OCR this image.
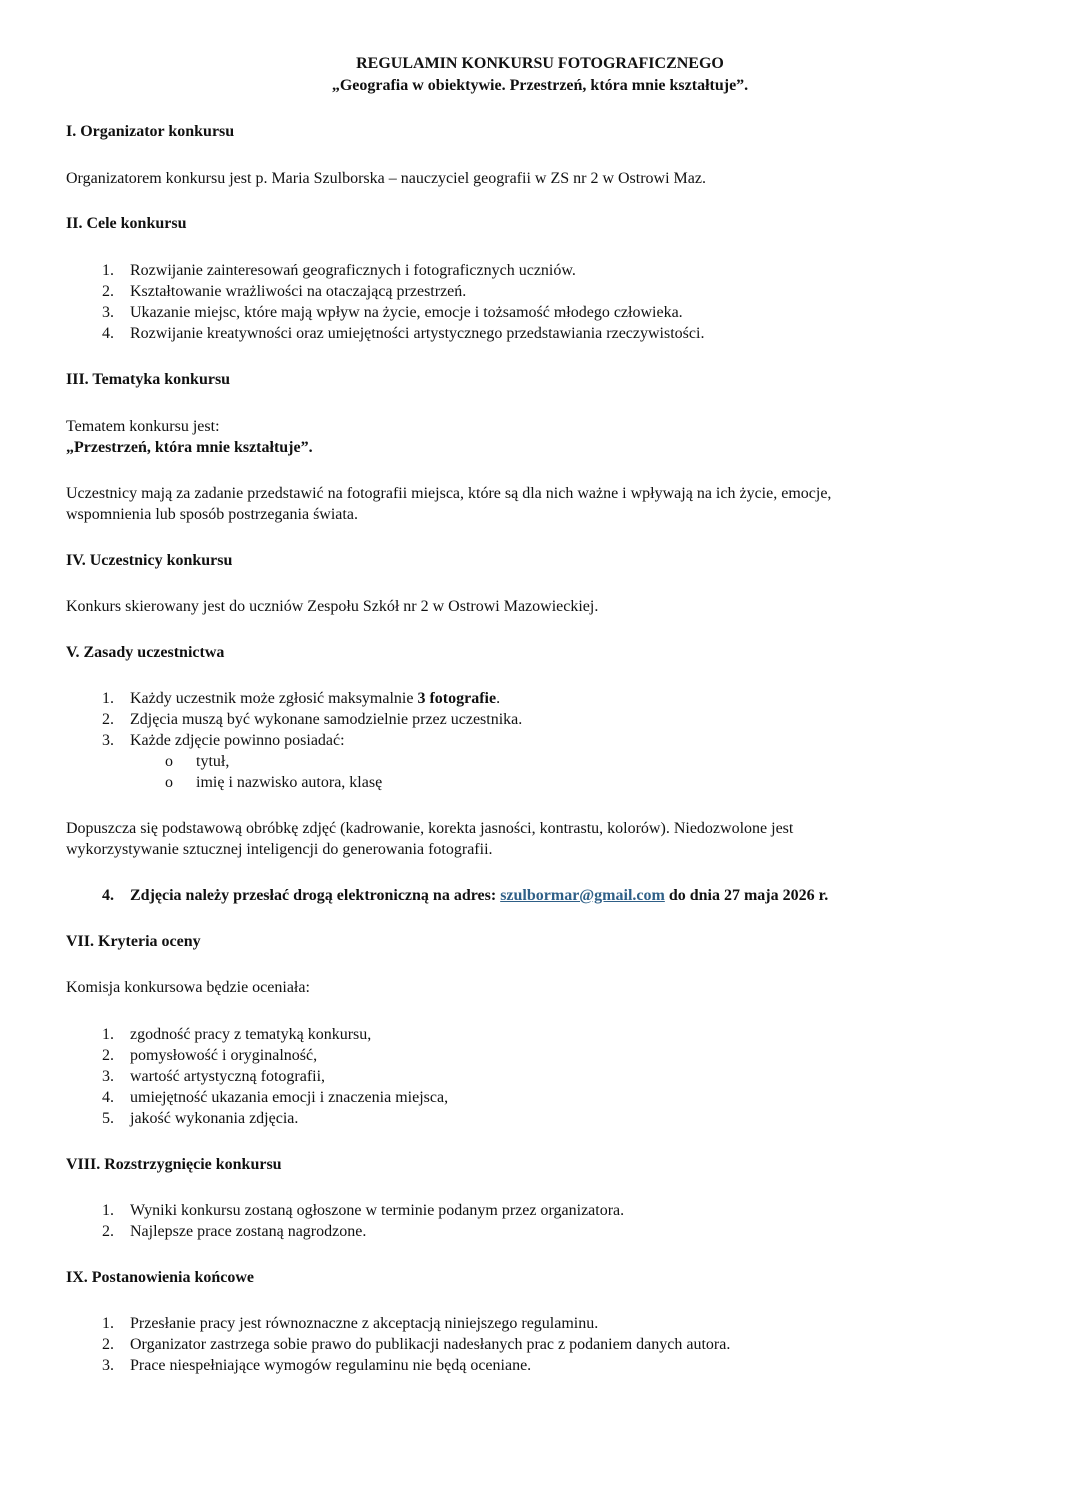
REGULAMIN KONKURSU FOTOGRAFICZNEGO
„Geografia w obiektywie. Przestrzeń, która mnie kształtuje”.
I. Organizator konkursu
Organizatorem konkursu jest p. Maria Szulborska – nauczyciel geografii w ZS nr 2 w Ostrowi Maz.
II. Cele konkursu
1. Rozwijanie zainteresowań geograficznych i fotograficznych uczniów.
2. Kształtowanie wrażliwości na otaczającą przestrzeń.
3. Ukazanie miejsc, które mają wpływ na życie, emocje i tożsamość młodego człowieka.
4. Rozwijanie kreatywności oraz umiejętności artystycznego przedstawiania rzeczywistości.
III. Tematyka konkursu
Tematem konkursu jest:
„Przestrzeń, która mnie kształtuje”.
Uczestnicy mają za zadanie przedstawić na fotografii miejsca, które są dla nich ważne i wpływają na ich życie, emocje,
wspomnienia lub sposób postrzegania świata.
IV. Uczestnicy konkursu
Konkurs skierowany jest do uczniów Zespołu Szkół nr 2 w Ostrowi Mazowieckiej.
V. Zasady uczestnictwa
1. Każdy uczestnik może zgłosić maksymalnie 3 fotografie.
2. Zdjęcia muszą być wykonane samodzielnie przez uczestnika.
3. Każde zdjęcie powinno posiadać:
o tytuł,
o imię i nazwisko autora, klasę
Dopuszcza się podstawową obróbkę zdjęć (kadrowanie, korekta jasności, kontrastu, kolorów). Niedozwolone jest
wykorzystywanie sztucznej inteligencji do generowania fotografii.
4. Zdjęcia należy przesłać drogą elektroniczną na adres: szulbormar@gmail.com do dnia 27 maja 2026 r.
VII. Kryteria oceny
Komisja konkursowa będzie oceniała:
1. zgodność pracy z tematyką konkursu,
2. pomysłowość i oryginalność,
3. wartość artystyczną fotografii,
4. umiejętność ukazania emocji i znaczenia miejsca,
5. jakość wykonania zdjęcia.
VIII. Rozstrzygnięcie konkursu
1. Wyniki konkursu zostaną ogłoszone w terminie podanym przez organizatora.
2. Najlepsze prace zostaną nagrodzone.
IX. Postanowienia końcowe
1. Przesłanie pracy jest równoznaczne z akceptacją niniejszego regulaminu.
2. Organizator zastrzega sobie prawo do publikacji nadesłanych prac z podaniem danych autora.
3. Prace niespełniające wymogów regulaminu nie będą oceniane.
